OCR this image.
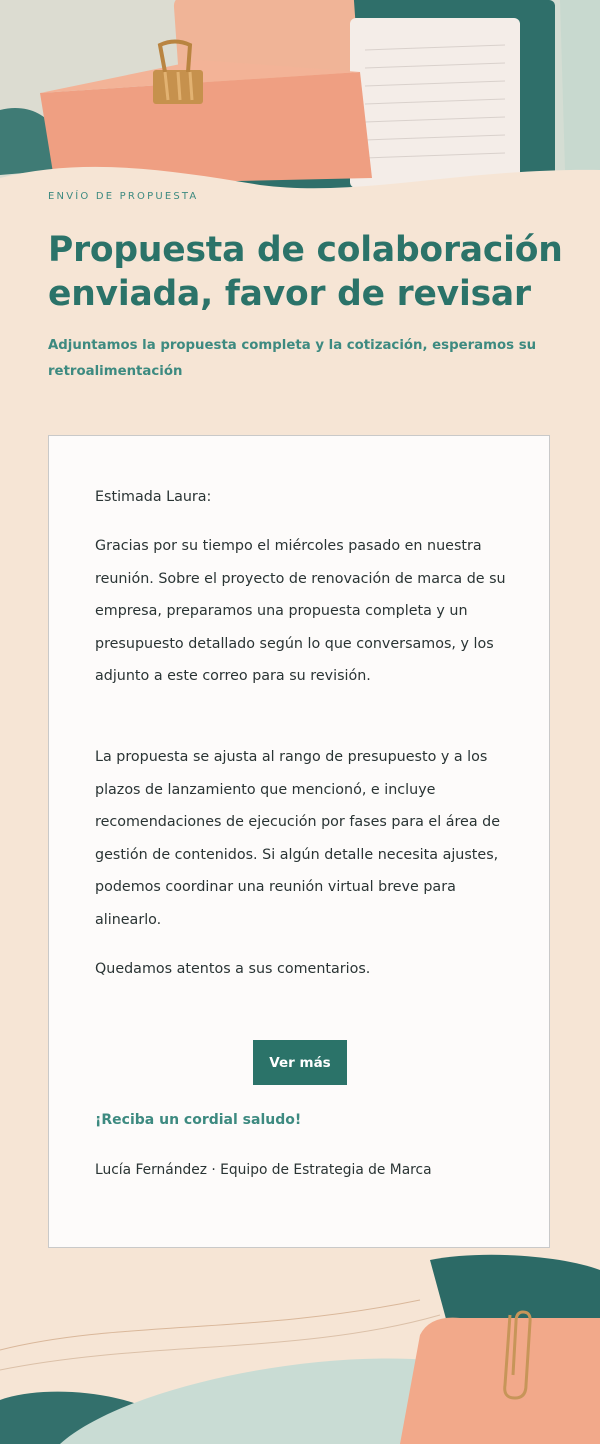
ENVÍO DE PROPUESTA
Propuesta de colaboración enviada, favor de revisar

Adjuntamos la propuesta completa y la cotización, esperamos su retroalimentación

Estimada Laura:

Gracias por su tiempo el miércoles pasado en nuestra reunión. Sobre el proyecto de renovación de marca de su empresa, preparamos una propuesta completa y un presupuesto detallado según lo que conversamos, y los adjunto a este correo para su revisión.

La propuesta se ajusta al rango de presupuesto y a los plazos de lanzamiento que mencionó, e incluye recomendaciones de ejecución por fases para el área de gestión de contenidos. Si algún detalle necesita ajustes, podemos coordinar una reunión virtual breve para alinearlo.

Quedamos atentos a sus comentarios.

Ver más
¡Reciba un cordial saludo!
Lucía Fernández · Equipo de Estrategia de Marca
